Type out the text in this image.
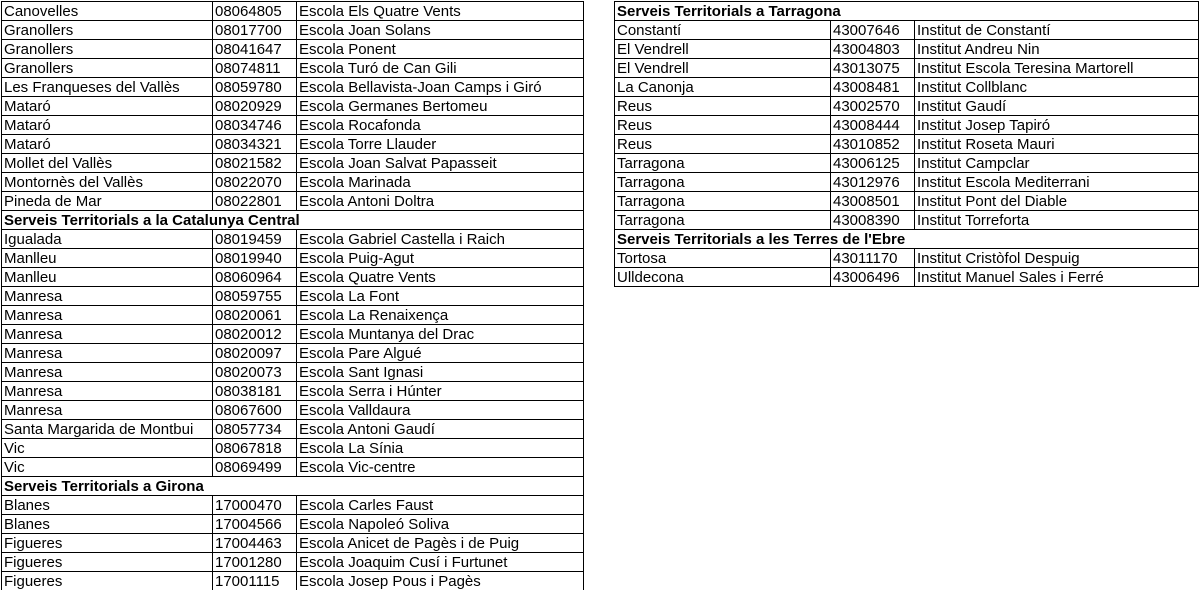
Canovelles	08064805	Escola Els Quatre Vents
Granollers	08017700	Escola Joan Solans
Granollers	08041647	Escola Ponent
Granollers	08074811	Escola Turó de Can Gili
Les Franqueses del Vallès	08059780	Escola Bellavista-Joan Camps i Giró
Mataró	08020929	Escola Germanes Bertomeu
Mataró	08034746	Escola Rocafonda
Mataró	08034321	Escola Torre Llauder
Mollet del Vallès	08021582	Escola Joan Salvat Papasseit
Montornès del Vallès	08022070	Escola Marinada
Pineda de Mar	08022801	Escola Antoni Doltra
Serveis Territorials a la Catalunya Central		
Igualada	08019459	Escola Gabriel Castella i Raich
Manlleu	08019940	Escola Puig-Agut
Manlleu	08060964	Escola Quatre Vents
Manresa	08059755	Escola La Font
Manresa	08020061	Escola La Renaixença
Manresa	08020012	Escola Muntanya del Drac
Manresa	08020097	Escola Pare Algué
Manresa	08020073	Escola Sant Ignasi
Manresa	08038181	Escola Serra i Húnter
Manresa	08067600	Escola Valldaura
Santa Margarida de Montbui	08057734	Escola Antoni Gaudí
Vic	08067818	Escola La Sínia
Vic	08069499	Escola Vic-centre
Serveis Territorials a Girona		
Blanes	17000470	Escola Carles Faust
Blanes	17004566	Escola Napoleó Soliva
Figueres	17004463	Escola Anicet de Pagès i de Puig
Figueres	17001280	Escola Joaquim Cusí i Furtunet
Figueres	17001115	Escola Josep Pous i Pagès
Serveis Territorials a Tarragona		
Constantí	43007646	Institut de Constantí
El Vendrell	43004803	Institut Andreu Nin
El Vendrell	43013075	Institut Escola Teresina Martorell
La Canonja	43008481	Institut Collblanc
Reus	43002570	Institut Gaudí
Reus	43008444	Institut Josep Tapiró
Reus	43010852	Institut Roseta Mauri
Tarragona	43006125	Institut Campclar
Tarragona	43012976	Institut Escola Mediterrani
Tarragona	43008501	Institut Pont del Diable
Tarragona	43008390	Institut Torreforta
Serveis Territorials a les Terres de l'Ebre		
Tortosa	43011170	Institut Cristòfol Despuig
Ulldecona	43006496	Institut Manuel Sales i Ferré
